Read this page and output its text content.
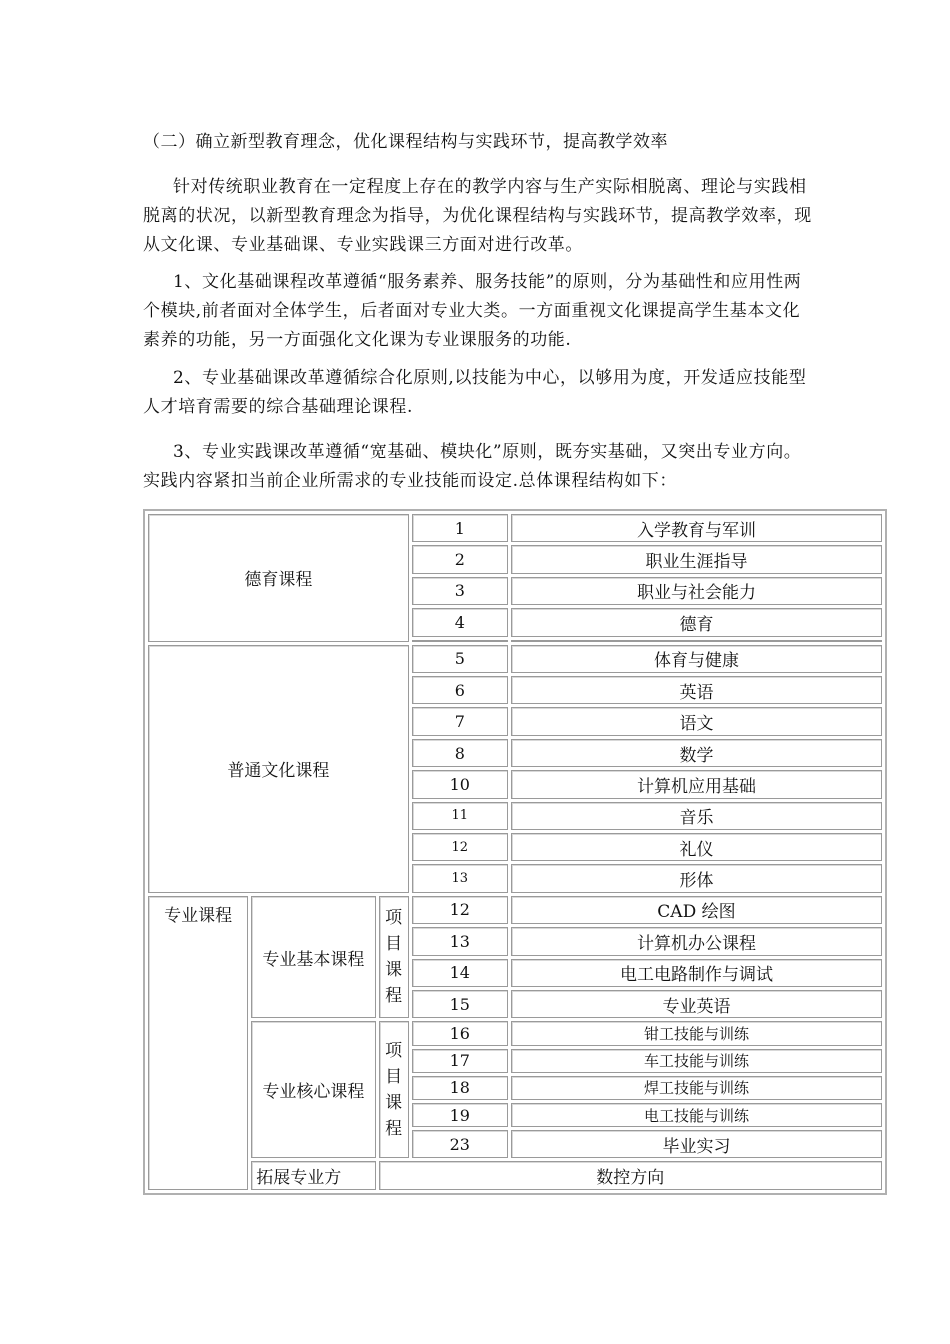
（二）确立新型教育理念，优化课程结构与实践环节，提高教学效率

针对传统职业教育在一定程度上存在的教学内容与生产实际相脱离、理论与实践相脱离的状况，以新型教育理念为指导，为优化课程结构与实践环节，提高教学效率，现从文化课、专业基础课、专业实践课三方面对进行改革。

1、文化基础课程改革遵循“服务素养、服务技能”的原则，分为基础性和应用性两个模块,前者面对全体学生，后者面对专业大类。一方面重视文化课提高学生基本文化素养的功能，另一方面强化文化课为专业课服务的功能.

2、专业基础课改革遵循综合化原则,以技能为中心，以够用为度，开发适应技能型人才培育需要的综合基础理论课程.

3、专业实践课改革遵循“宽基础、模块化”原则，既夯实基础，又突出专业方向。实践内容紧扣当前企业所需求的专业技能而设定.总体课程结构如下：

德育课程			1	入学教育与军训
			2	职业生涯指导
			3	职业与社会能力
			4	德育

普通文化课程			5	体育与健康
			6	英语
			7	语文
			8	数学
			10	计算机应用基础
			11	音乐
			12	礼仪
			13	形体
专业课程	专业基本课程	项目课程	12	CAD 绘图
			13	计算机办公课程
			14	电工电路制作与调试
			15	专业英语
	专业核心课程	项目课程	16	钳工技能与训练
			17	车工技能与训练
			18	焊工技能与训练
			19	电工技能与训练
			23	毕业实习
	拓展专业方	数控方向		
